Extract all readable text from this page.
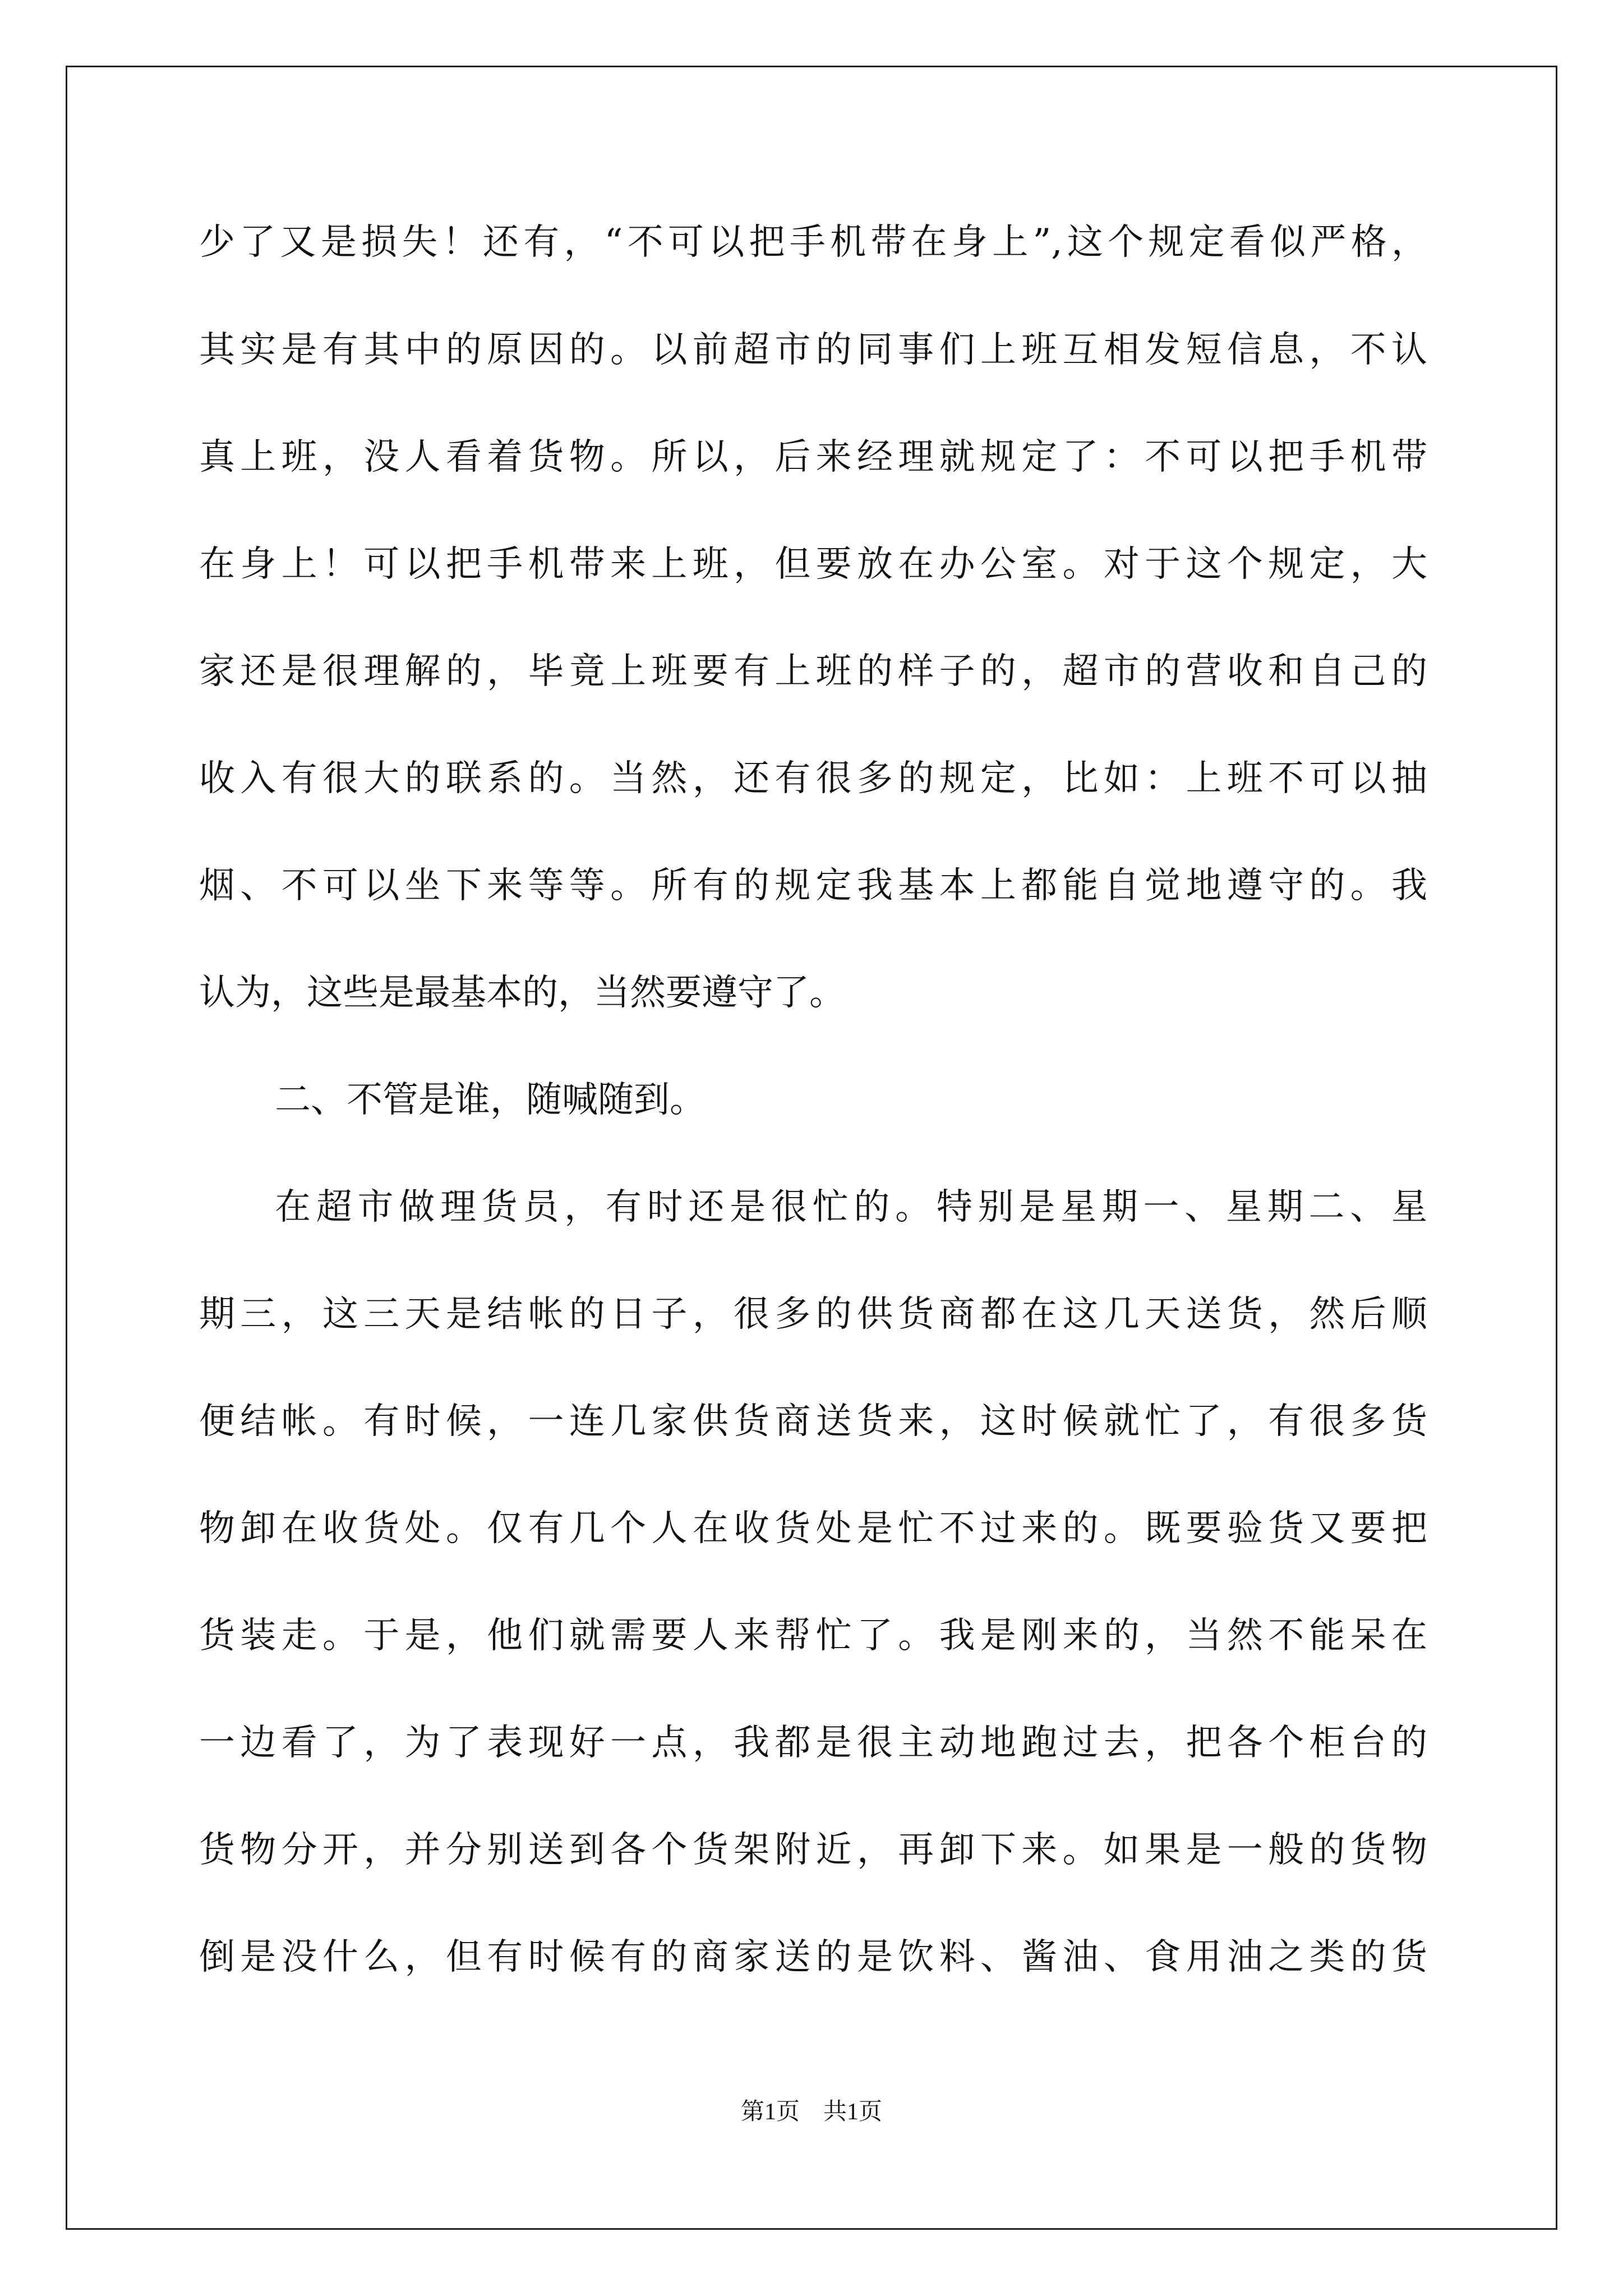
少了又是损失！还有，“不可以把手机带在身上”,这个规定看似严格，
其实是有其中的原因的。以前超市的同事们上班互相发短信息，不认
真上班，没人看着货物。所以，后来经理就规定了：不可以把手机带
在身上！可以把手机带来上班，但要放在办公室。对于这个规定，大
家还是很理解的，毕竟上班要有上班的样子的，超市的营收和自己的
收入有很大的联系的。当然，还有很多的规定，比如：上班不可以抽
烟、不可以坐下来等等。所有的规定我基本上都能自觉地遵守的。我
认为，这些是最基本的，当然要遵守了。
二、不管是谁，随喊随到。
在超市做理货员，有时还是很忙的。特别是星期一、星期二、星
期三，这三天是结帐的日子，很多的供货商都在这几天送货，然后顺
便结帐。有时候，一连几家供货商送货来，这时候就忙了，有很多货
物卸在收货处。仅有几个人在收货处是忙不过来的。既要验货又要把
货装走。于是，他们就需要人来帮忙了。我是刚来的，当然不能呆在
一边看了，为了表现好一点，我都是很主动地跑过去，把各个柜台的
货物分开，并分别送到各个货架附近，再卸下来。如果是一般的货物
倒是没什么，但有时候有的商家送的是饮料、酱油、食用油之类的货
第1页　共1页
